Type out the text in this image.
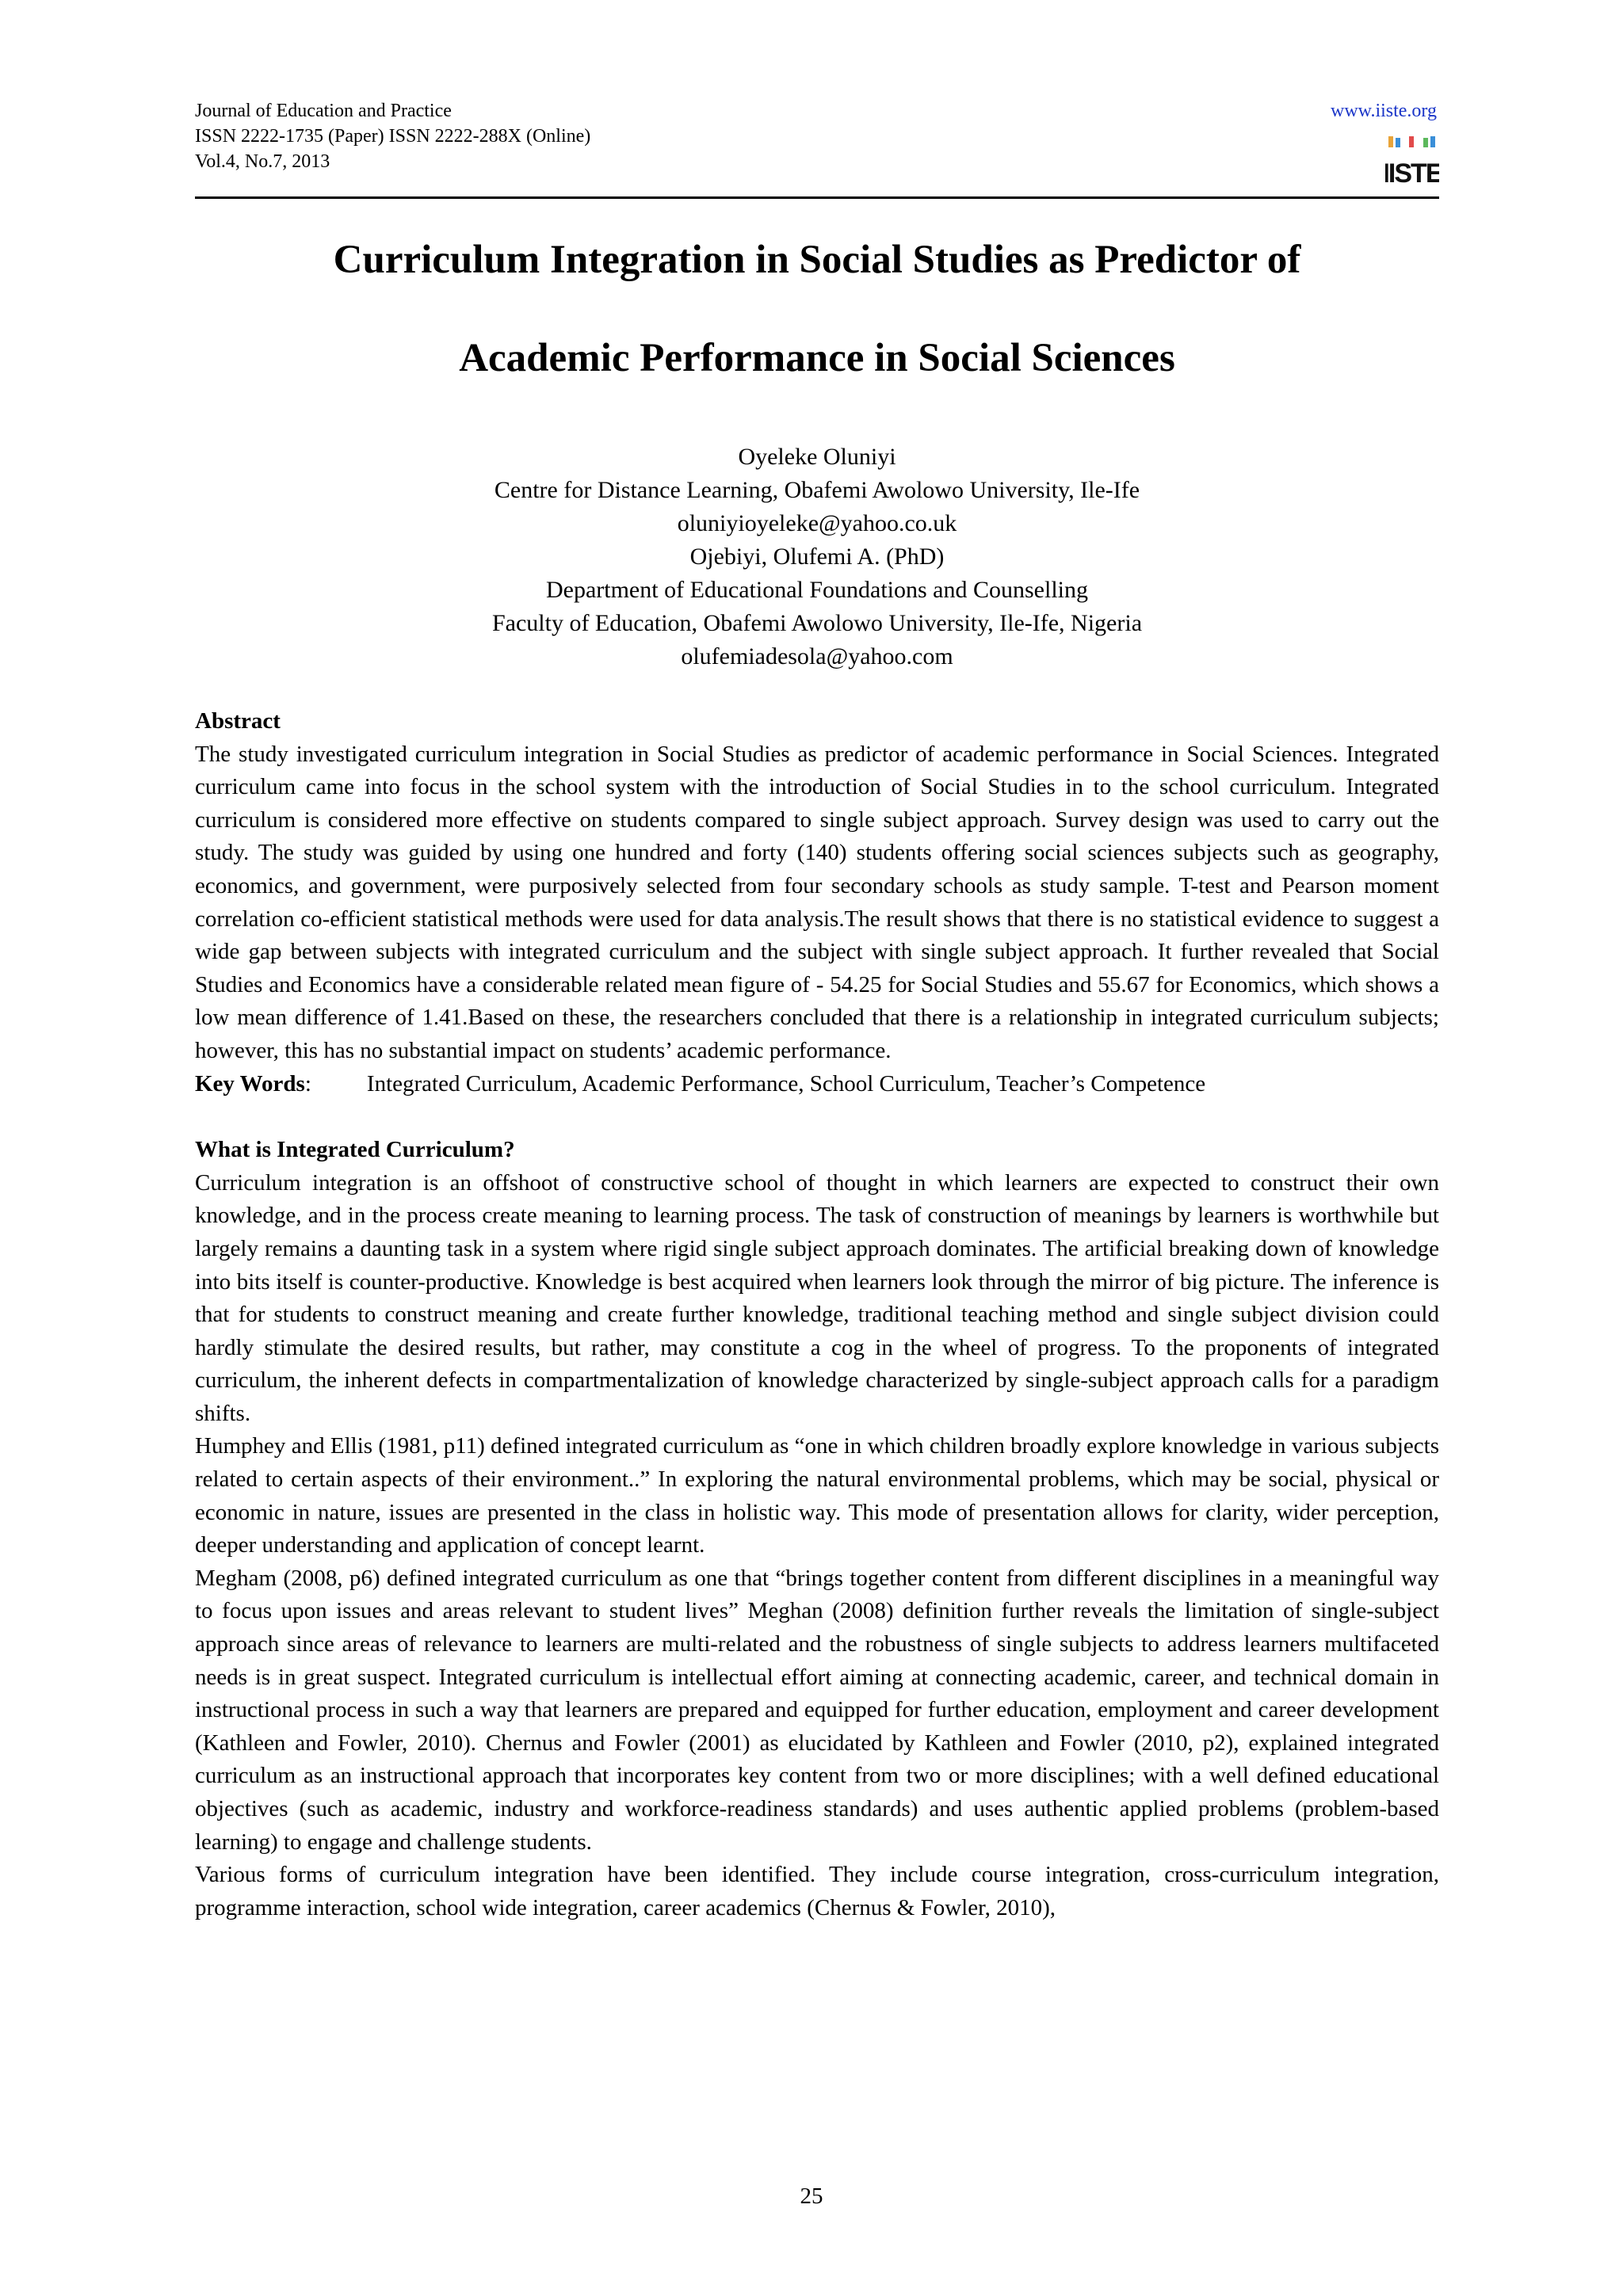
Journal of Education and Practice
ISSN 2222-1735 (Paper) ISSN 2222-288X (Online)
Vol.4, No.7, 2013
www.iiste.org
IISTE
Curriculum Integration in Social Studies as Predictor of
Academic Performance in Social Sciences
Oyeleke Oluniyi
Centre for Distance Learning, Obafemi Awolowo University, Ile-Ife
oluniyioyeleke@yahoo.co.uk
Ojebiyi, Olufemi A. (PhD)
Department of Educational Foundations and Counselling
Faculty of Education, Obafemi Awolowo University, Ile-Ife, Nigeria
olufemiadesola@yahoo.com

Abstract

The study investigated curriculum integration in Social Studies as predictor of academic performance in Social Sciences. Integrated curriculum came into focus in the school system with the introduction of Social Studies in to the school curriculum. Integrated curriculum is considered more effective on students compared to single subject approach. Survey design was used to carry out the study. The study was guided by using one hundred and forty (140) students offering social sciences subjects such as geography, economics, and government, were purposively selected from four secondary schools as study sample. T-test and Pearson moment correlation co-efficient statistical methods were used for data analysis.The result shows that there is no statistical evidence to suggest a wide gap between subjects with integrated curriculum and the subject with single subject approach. It further revealed that Social Studies and Economics have a considerable related mean figure of - 54.25 for Social Studies and 55.67 for Economics, which shows a low mean difference of 1.41.Based on these, the researchers concluded that there is a relationship in integrated curriculum subjects; however, this has no substantial impact on students’ academic performance.

Key Words: Integrated Curriculum, Academic Performance, School Curriculum, Teacher’s Competence

What is Integrated Curriculum?

Curriculum integration is an offshoot of constructive school of thought in which learners are expected to construct their own knowledge, and in the process create meaning to learning process. The task of construction of meanings by learners is worthwhile but largely remains a daunting task in a system where rigid single subject approach dominates. The artificial breaking down of knowledge into bits itself is counter-productive. Knowledge is best acquired when learners look through the mirror of big picture. The inference is that for students to construct meaning and create further knowledge, traditional teaching method and single subject division could hardly stimulate the desired results, but rather, may constitute a cog in the wheel of progress. To the proponents of integrated curriculum, the inherent defects in compartmentalization of knowledge characterized by single-subject approach calls for a paradigm shifts.

Humphey and Ellis (1981, p11) defined integrated curriculum as “one in which children broadly explore knowledge in various subjects related to certain aspects of their environment..” In exploring the natural environmental problems, which may be social, physical or economic in nature, issues are presented in the class in holistic way. This mode of presentation allows for clarity, wider perception, deeper understanding and application of concept learnt.

Megham (2008, p6) defined integrated curriculum as one that “brings together content from different disciplines in a meaningful way to focus upon issues and areas relevant to student lives” Meghan (2008) definition further reveals the limitation of single-subject approach since areas of relevance to learners are multi-related and the robustness of single subjects to address learners multifaceted needs is in great suspect. Integrated curriculum is intellectual effort aiming at connecting academic, career, and technical domain in instructional process in such a way that learners are prepared and equipped for further education, employment and career development (Kathleen and Fowler, 2010). Chernus and Fowler (2001) as elucidated by Kathleen and Fowler (2010, p2), explained integrated curriculum as an instructional approach that incorporates key content from two or more disciplines; with a well defined educational objectives (such as academic, industry and workforce-readiness standards) and uses authentic applied problems (problem-based learning) to engage and challenge students.

Various forms of curriculum integration have been identified. They include course integration, cross-curriculum integration, programme interaction, school wide integration, career academics (Chernus & Fowler, 2010),

25
